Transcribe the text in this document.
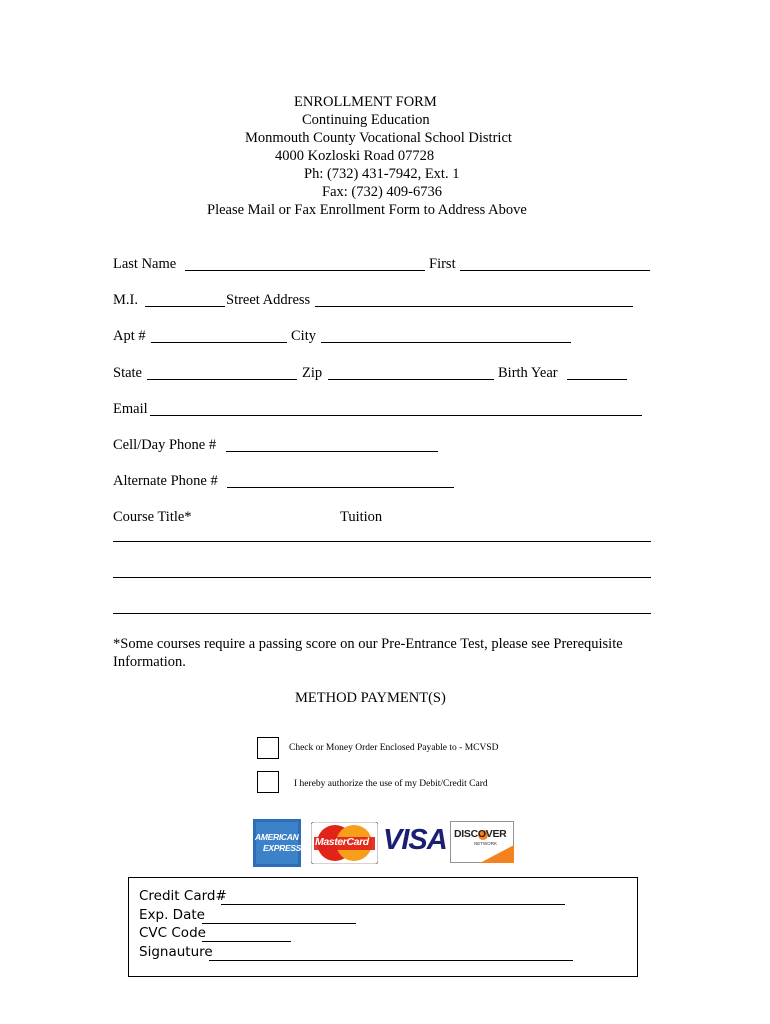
ENROLLMENT FORM
Continuing Education
Monmouth County Vocational School District
4000 Kozloski Road 07728
Ph: (732) 431-7942, Ext. 1
Fax: (732) 409-6736
Please Mail or Fax Enrollment Form to Address Above
Last Name	First
M.I.	Street Address
Apt #	City
State	Zip	Birth Year
Email
Cell/Day Phone #
Alternate Phone #
Course Title*	Tuition
*Some courses require a passing score on our Pre-Entrance Test, please see Prerequisite
Information.
METHOD PAYMENT(S)
Check or Money Order Enclosed Payable to - MCVSD
I hereby authorize the use of my Debit/Credit Card
AMERICAN
EXPRESS MasterCard VISA DISCOVER
NETWORK
Credit Card#
Exp. Date
CVC Code
Signauture
